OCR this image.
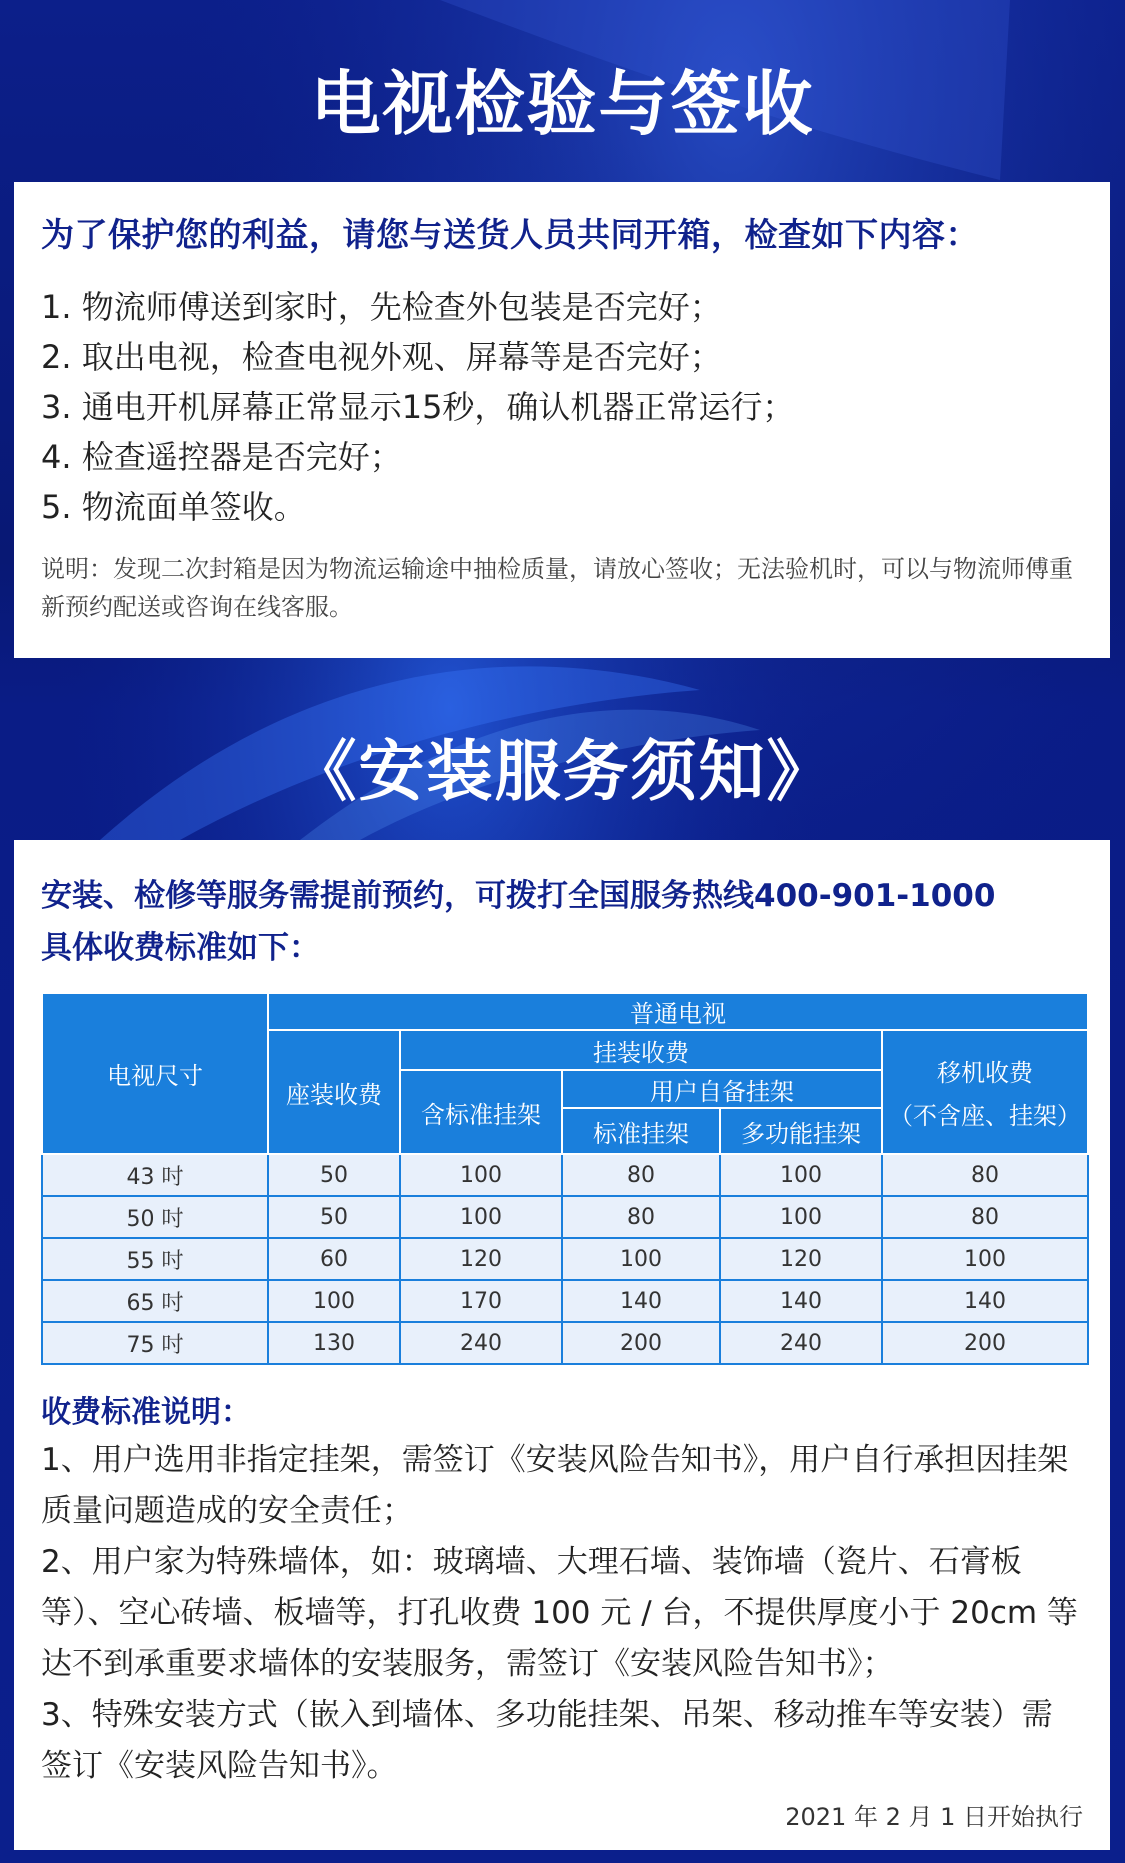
电视检验与签收
为了保护您的利益，请您与送货人员共同开箱，检查如下内容：
1. 物流师傅送到家时，先检查外包装是否完好；
2. 取出电视，检查电视外观、屏幕等是否完好；
3. 通电开机屏幕正常显示15秒，确认机器正常运行；
4. 检查遥控器是否完好；
5. 物流面单签收。
说明：发现二次封箱是因为物流运输途中抽检质量，请放心签收；无法验机时，可以与物流师傅重新预约配送或咨询在线客服。
《安装服务须知》
安装、检修等服务需提前预约，可拨打全国服务热线400-901-1000
具体收费标准如下：
电视尺寸	普通电视				
	座装收费	挂装收费			移机收费
（不含座、挂架）

		含标准挂架	用户自备挂架		
			标准挂架	多功能挂架	
43 吋	50	100	80	100	80
50 吋	50	100	80	100	80
55 吋	60	120	100	120	100
65 吋	100	170	140	140	140
75 吋	130	240	200	240	200
收费标准说明：
1、用户选用非指定挂架，需签订《安装风险告知书》，用户自行承担因挂架质量问题造成的安全责任；
2、用户家为特殊墙体，如：玻璃墙、大理石墙、装饰墙（瓷片、石膏板等）、空心砖墙、板墙等，打孔收费 100 元 / 台，不提供厚度小于 20cm 等达不到承重要求墙体的安装服务，需签订《安装风险告知书》；
3、特殊安装方式（嵌入到墙体、多功能挂架、吊架、移动推车等安装）需签订《安装风险告知书》。
2021 年 2 月 1 日开始执行
